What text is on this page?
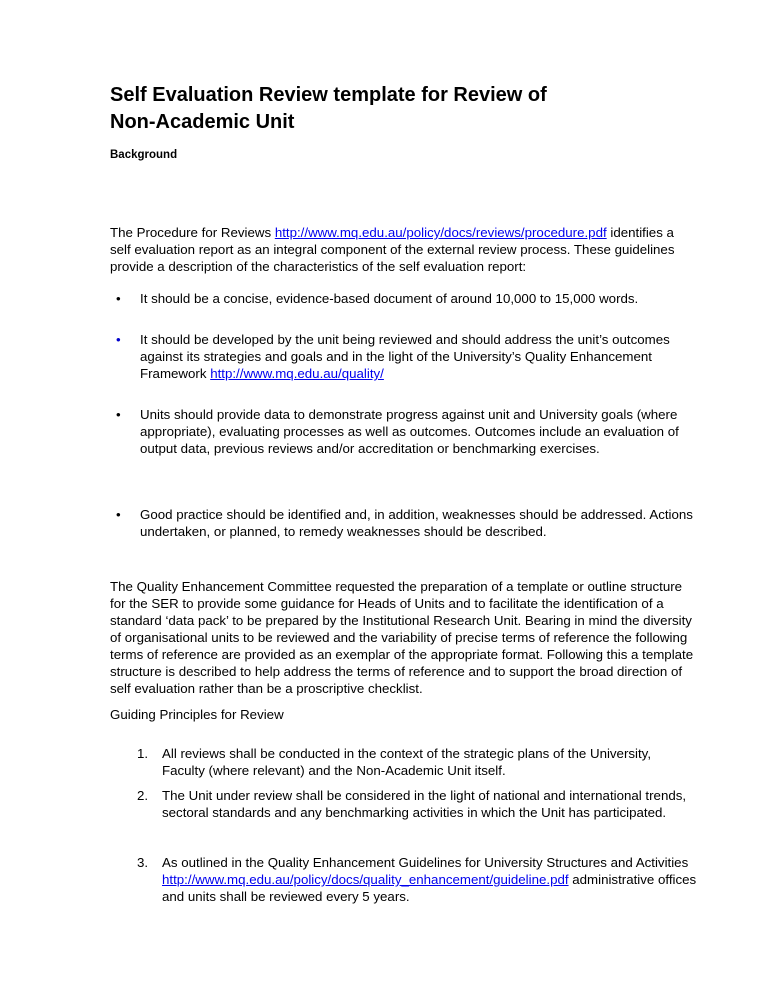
Self Evaluation Review template for Review of Non-Academic Unit
Background

The Procedure for Reviews http://www.mq.edu.au/policy/docs/reviews/procedure.pdf identifies a self evaluation report as an integral component of the external review process. These guidelines provide a description of the characteristics of the self evaluation report:

• It should be a concise, evidence-based document of around 10,000 to 15,000 words.
• It should be developed by the unit being reviewed and should address the unit’s outcomes against its strategies and goals and in the light of the University’s Quality Enhancement Framework http://www.mq.edu.au/quality/
• Units should provide data to demonstrate progress against unit and University goals (where appropriate), evaluating processes as well as outcomes. Outcomes include an evaluation of output data, previous reviews and/or accreditation or benchmarking exercises.
• Good practice should be identified and, in addition, weaknesses should be addressed. Actions undertaken, or planned, to remedy weaknesses should be described.

The Quality Enhancement Committee requested the preparation of a template or outline structure for the SER to provide some guidance for Heads of Units and to facilitate the identification of a standard ‘data pack’ to be prepared by the Institutional Research Unit. Bearing in mind the diversity of organisational units to be reviewed and the variability of precise terms of reference the following terms of reference are provided as an exemplar of the appropriate format. Following this a template structure is described to help address the terms of reference and to support the broad direction of self evaluation rather than be a proscriptive checklist.

Guiding Principles for Review
1. All reviews shall be conducted in the context of the strategic plans of the University, Faculty (where relevant) and the Non-Academic Unit itself.
2. The Unit under review shall be considered in the light of national and international trends, sectoral standards and any benchmarking activities in which the Unit has participated.
3. As outlined in the Quality Enhancement Guidelines for University Structures and Activities http://www.mq.edu.au/policy/docs/quality_enhancement/guideline.pdf administrative offices and units shall be reviewed every 5 years.
